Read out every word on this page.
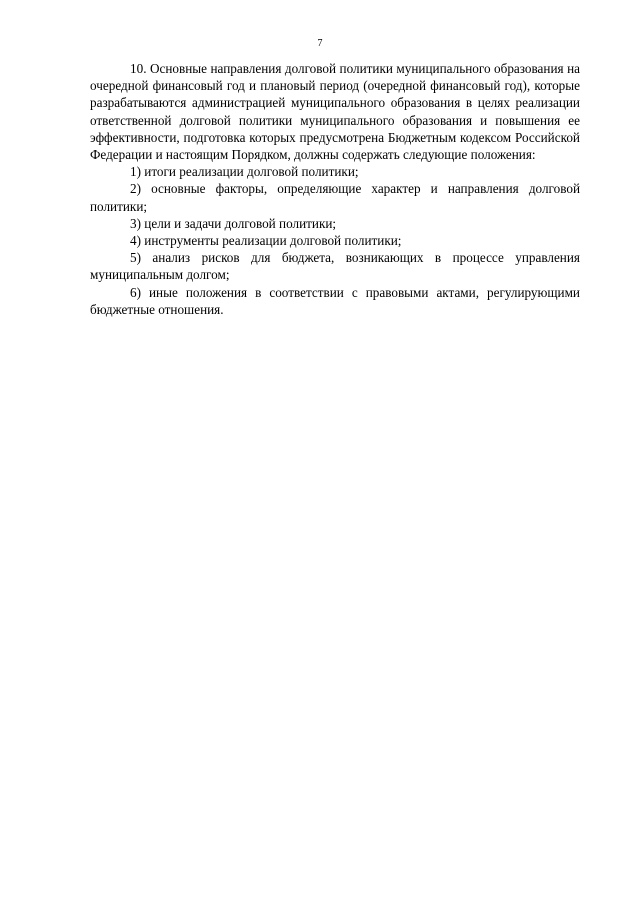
7

10. Основные направления долговой политики муниципального образования на очередной финансовый год и плановый период (очередной финансовый год), которые разрабатываются администрацией муниципального образования в целях реализации ответственной долговой политики муниципального образования и повышения ее эффективности, подготовка которых предусмотрена Бюджетным кодексом Российской Федерации и настоящим Порядком, должны содержать следующие положения:

1) итоги реализации долговой политики;

2) основные факторы, определяющие характер и направления долговой политики;

3) цели и задачи долговой политики;

4) инструменты реализации долговой политики;

5) анализ рисков для бюджета, возникающих в процессе управления муниципальным долгом;

6) иные положения в соответствии с правовыми актами, регулирующими бюджетные отношения.
